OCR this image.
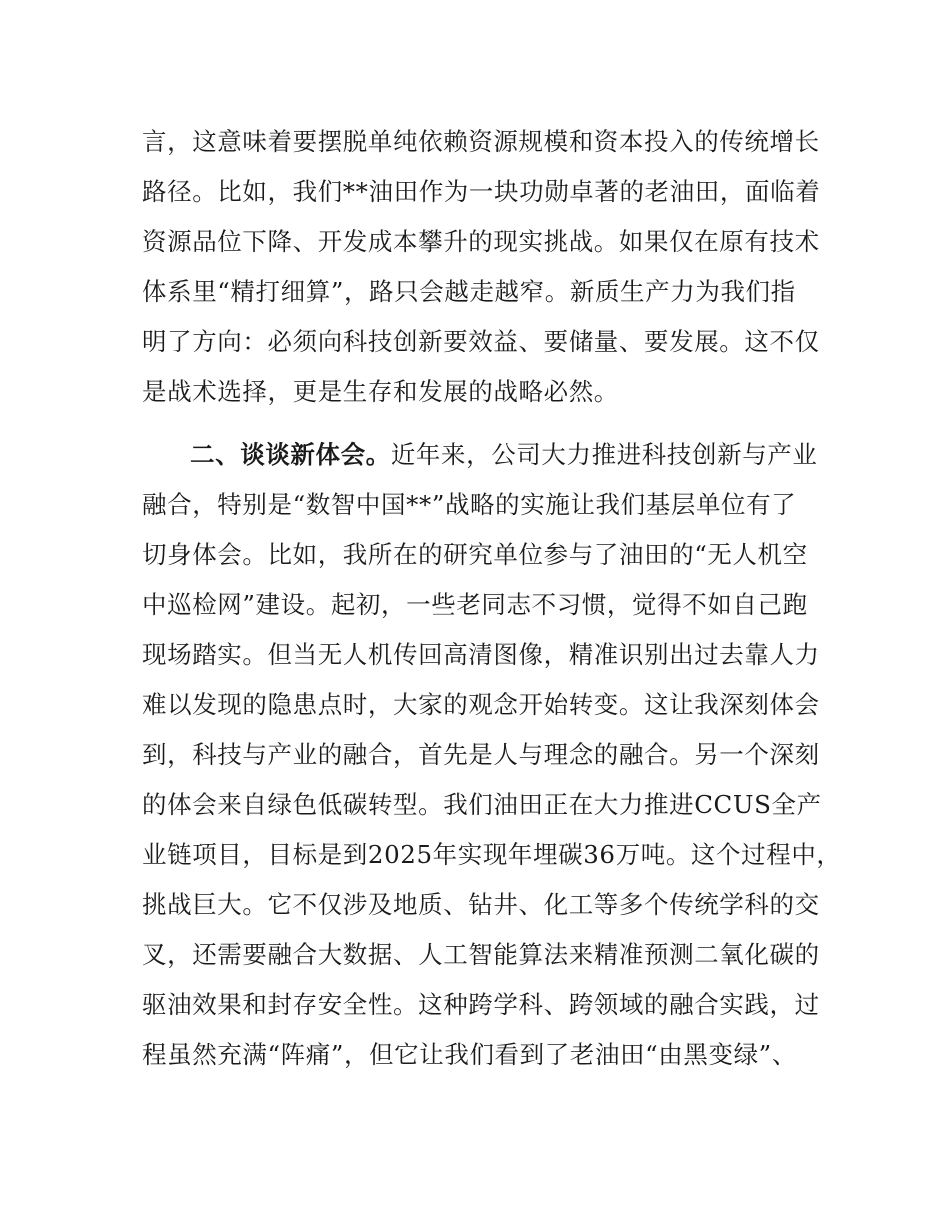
言，这意味着要摆脱单纯依赖资源规模和资本投入的传统增长
路径。比如，我们**油田作为一块功勋卓著的老油田，面临着
资源品位下降、开发成本攀升的现实挑战。如果仅在原有技术
体系里“精打细算”，路只会越走越窄。新质生产力为我们指
明了方向：必须向科技创新要效益、要储量、要发展。这不仅
是战术选择，更是生存和发展的战略必然。
二、谈谈新体会。近年来，公司大力推进科技创新与产业
融合，特别是“数智中国**”战略的实施让我们基层单位有了
切身体会。比如，我所在的研究单位参与了油田的“无人机空
中巡检网”建设。起初，一些老同志不习惯，觉得不如自己跑
现场踏实。但当无人机传回高清图像，精准识别出过去靠人力
难以发现的隐患点时，大家的观念开始转变。这让我深刻体会
到，科技与产业的融合，首先是人与理念的融合。另一个深刻
的体会来自绿色低碳转型。我们油田正在大力推进CCUS全产
业链项目，目标是到2025年实现年埋碳36万吨。这个过程中，
挑战巨大。它不仅涉及地质、钻井、化工等多个传统学科的交
叉，还需要融合大数据、人工智能算法来精准预测二氧化碳的
驱油效果和封存安全性。这种跨学科、跨领域的融合实践，过
程虽然充满“阵痛”，但它让我们看到了老油田“由黑变绿”、
